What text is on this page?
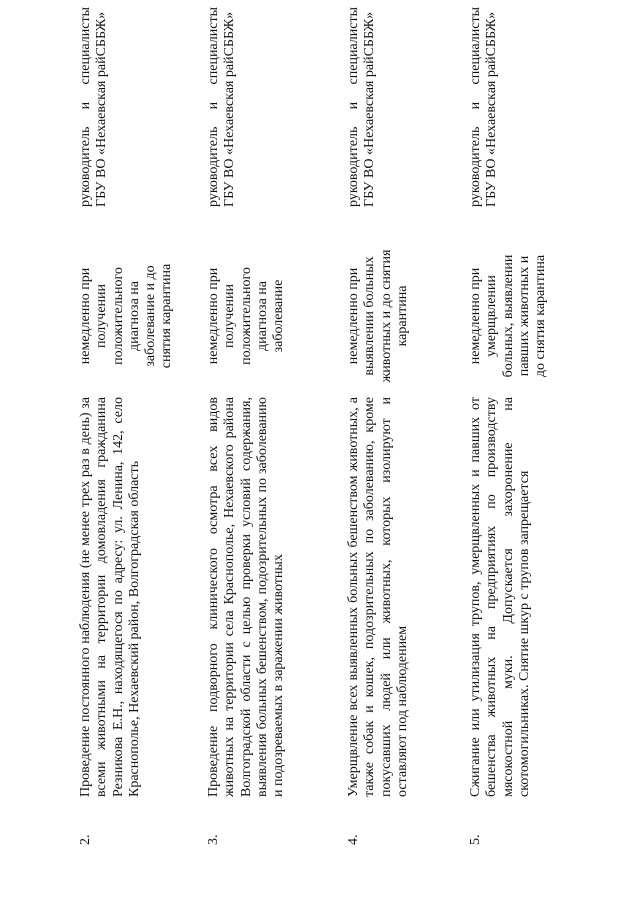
2.
Проведение постоянного наблюдения (не менее трех раз в день) за всеми животными на территории домовладения гражданина Резникова Е.Н., находящегося по адресу: ул. Ленина, 142, село Краснополье, Нехаевский район, Волгоградская область
немедленно при получении положительного диагноза на заболевание и до снятия карантина
руководитель
и
специалисты ГБУ ВО «Нехаевская райСББЖ»
3.
Проведение подворного клинического осмотра всех видов животных на территории села Краснополье, Нехаевского района Волгоградской области с целью проверки условий содержания, выявления больных бешенством, подозрительных по заболеванию и подозреваемых в заражении животных
немедленно при получении положительного диагноза на заболевание
руководитель
и
специалисты ГБУ ВО «Нехаевская райСББЖ»
4.
Умерщвление всех выявленных больных бешенством животных, а также собак и кошек, подозрительных по заболеванию, кроме покусавших людей или животных, которых изолируют и оставляют под наблюдением
немедленно при выявлении больных животных и до снятия карантина
руководитель
и
специалисты ГБУ ВО «Нехаевская райСББЖ»
5.
Сжигание или утилизация трупов, умерщвленных и павших от бешенства животных на предприятиях по производству мясокостной муки. Допускается захоронение на скотомогильниках. Снятие шкур с трупов запрещается
немедленно при умерщвлении больных, выявлении павших животных и до снятия карантина
руководитель
и
специалисты ГБУ ВО «Нехаевская райСББЖ»
